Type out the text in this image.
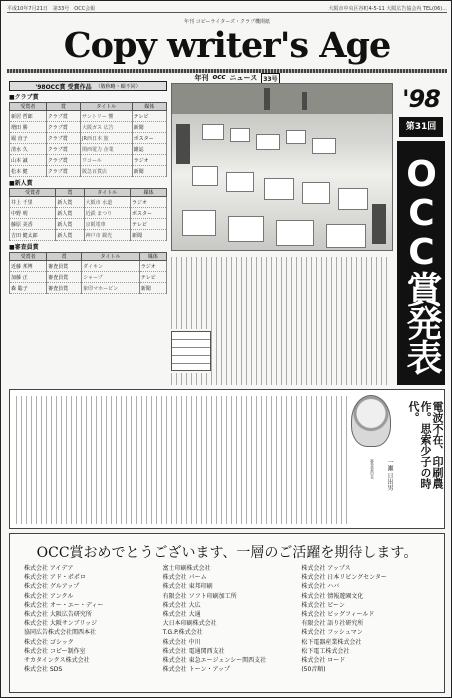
平成10年7月21日　第33号　OCC会報	大阪市中央区谷町4-5-11 大阪広告協会内 TEL(06)...
年刊 コピーライターズ・クラブ機関紙
Copy writer's Age
年刊 occ ニュース	33号
'98OCC賞 受賞作品 （敬称略・順不同）
■クラブ賞
受賞者	賞	タイトル	媒体
新居 哲郎	クラブ賞	サントリー 響	テレビ
増田 勝	クラブ賞	大阪ガス 広告	新聞
堀 直子	クラブ賞	JR西日本 旅	ポスター
清水 久	クラブ賞	関西電力 企業	雑誌
山本 誠	クラブ賞	ワコール	ラジオ
松本 健	クラブ賞	阪急百貨店	新聞
■新人賞
受賞者	賞	タイトル	媒体
井上 千里	新人賞	大阪市 水道	ラジオ
中野 明	新人賞	近鉄 まつり	ポスター
藤原 美香	新人賞	京阪電車	テレビ
吉田 健太郎	新人賞	神戸市 観光	新聞
■審査員賞
受賞者	賞	タイトル	媒体
近藤 邦博	審査員賞	ダイキン	ラジオ
加藤 正	審査員賞	シャープ	テレビ
森 聡子	審査員賞	象印マホービン	新聞
'98
第31回
OCC賞発表
電波不在、印刷農作。思索少子の時代。
審査委員長	一瀬 日出男
OCC賞おめでとうございます、一層のご活躍を期待します。
株式会社 アイデア	富士印刷株式会社	株式会社 アップス
株式会社 アド・ポポロ	株式会社 パーム	株式会社 日本リビングセンター
株式会社 グルアップ	株式会社 東邦印刷	株式会社 ハバ
株式会社 アンクル	有限会社 ソフト印刷加工所	株式会社 情報遊園文化
株式会社 オー・エー・ディー	株式会社 大広	株式会社 ビーン
株式会社 大阪広告研究所	株式会社 大通	株式会社 ビッグフィールド
株式会社 大阪サンブリッジ	大日本印刷株式会社	有限会社 語り社研究所
協同広告株式会社関西本社	T.G.P.株式会社	株式会社 フッシュマン
株式会社 ゴシック	株式会社 中川	松下電器産業株式会社
株式会社 コピー制作室	株式会社 電通関西支社	松下電工株式会社
サカタインクス株式会社	株式会社 東急エージェンシー関西支社	株式会社 ロード
株式会社 SDS	株式会社 トーン・アップ	(50音順)
